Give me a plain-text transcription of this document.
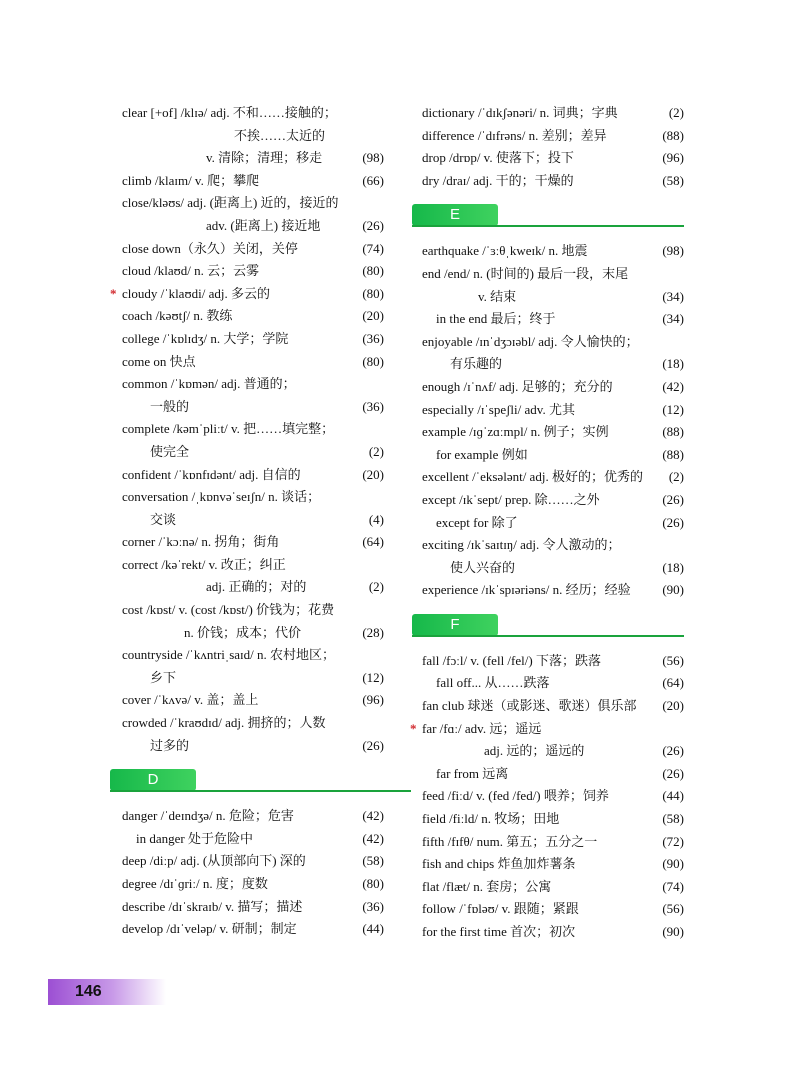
clear [+of] /klɪə/ adj. 不和……接触的；
不挨……太近的
v. 清除；清理；移走	(98)
climb /klaɪm/ v. 爬；攀爬	(66)
close/kləʊs/ adj. (距离上) 近的，接近的
adv. (距离上) 接近地	(26)
close down（永久）关闭，关停	(74)
cloud /klaʊd/ n. 云；云雾	(80)
* cloudy /ˈklaʊdi/ adj. 多云的	(80)
coach /kəʊtʃ/ n. 教练	(20)
college /ˈkɒlɪdʒ/ n. 大学；学院	(36)
come on 快点	(80)
common /ˈkɒmən/ adj. 普通的；
一般的	(36)
complete /kəmˈpliːt/ v. 把……填完整；
使完全	(2)
confident /ˈkɒnfɪdənt/ adj. 自信的	(20)
conversation /ˌkɒnvəˈseɪʃn/ n. 谈话；
交谈	(4)
corner /ˈkɔːnə/ n. 拐角；街角	(64)
correct /kəˈrekt/ v. 改正；纠正
adj. 正确的；对的	(2)
cost /kɒst/ v. (cost /kɒst/) 价钱为；花费
n. 价钱；成本；代价	(28)
countryside /ˈkʌntriˌsaɪd/ n. 农村地区；
乡下	(12)
cover /ˈkʌvə/ v. 盖；盖上	(96)
crowded /ˈkraʊdɪd/ adj. 拥挤的；人数
过多的	(26)
D
danger /ˈdeɪndʒə/ n. 危险；危害	(42)
in danger 处于危险中	(42)
deep /diːp/ adj. (从顶部向下) 深的	(58)
degree /dɪˈɡriː/ n. 度；度数	(80)
describe /dɪˈskraɪb/ v. 描写；描述	(36)
develop /dɪˈveləp/ v. 研制；制定	(44)
dictionary /ˈdɪkʃənəri/ n. 词典；字典	(2)
difference /ˈdɪfrəns/ n. 差别；差异	(88)
drop /drɒp/ v. 使落下；投下	(96)
dry /draɪ/ adj. 干的；干燥的	(58)
E
earthquake /ˈɜːθˌkweɪk/ n. 地震	(98)
end /end/ n. (时间的) 最后一段，末尾
v. 结束	(34)
in the end 最后；终于	(34)
enjoyable /ɪnˈdʒɔɪəbl/ adj. 令人愉快的；
有乐趣的	(18)
enough /ɪˈnʌf/ adj. 足够的；充分的	(42)
especially /ɪˈspeʃli/ adv. 尤其	(12)
example /ɪɡˈzɑːmpl/ n. 例子；实例	(88)
for example 例如	(88)
excellent /ˈeksələnt/ adj. 极好的；优秀的 (2)
except /ɪkˈsept/ prep. 除……之外	(26)
except for 除了	(26)
exciting /ɪkˈsaɪtɪŋ/ adj. 令人激动的；
使人兴奋的	(18)
experience /ɪkˈspɪəriəns/ n. 经历；经验 (90)
F
fall /fɔːl/ v. (fell /fel/) 下落；跌落	(56)
fall off... 从……跌落	(64)
fan club 球迷（或影迷、歌迷）俱乐部 (20)
* far /fɑː/ adv. 远；遥远
adj. 远的；遥远的	(26)
far from 远离	(26)
feed /fiːd/ v. (fed /fed/) 喂养；饲养	(44)
field /fiːld/ n. 牧场；田地	(58)
fifth /fɪfθ/ num. 第五；五分之一	(72)
fish and chips 炸鱼加炸薯条	(90)
flat /flæt/ n. 套房；公寓	(74)
follow /ˈfɒləʊ/ v. 跟随；紧跟	(56)
for the first time 首次；初次	(90)
146
